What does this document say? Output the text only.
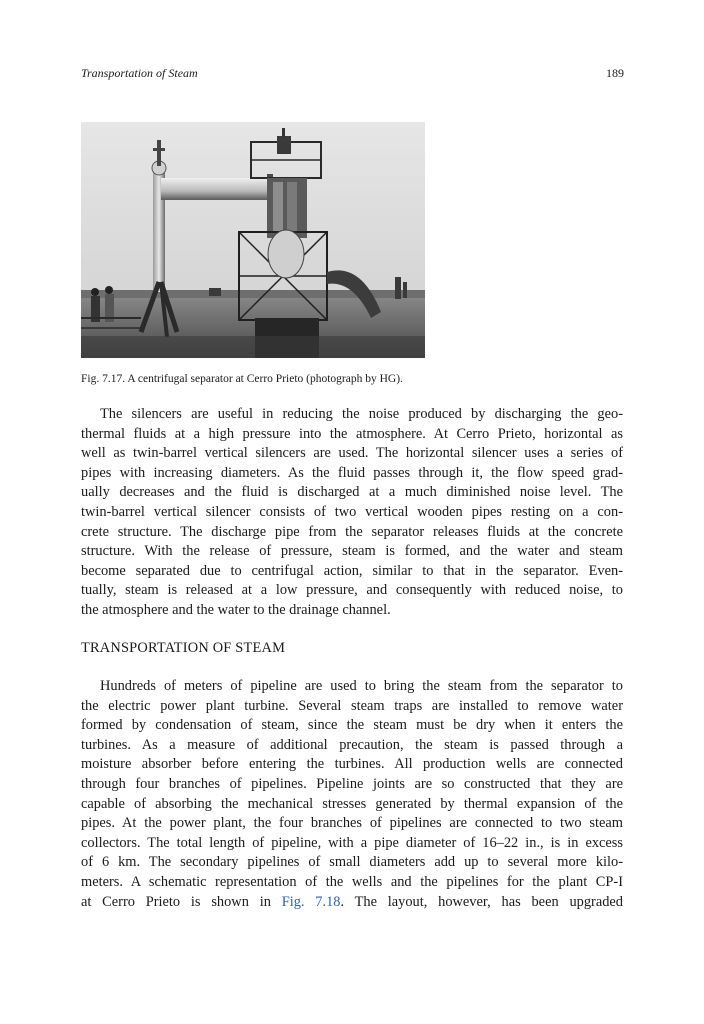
Transportation of Steam	189
Fig. 7.17. A centrifugal separator at Cerro Prieto (photograph by HG).
The silencers are useful in reducing the noise produced by discharging the geo-
thermal fluids at a high pressure into the atmosphere. At Cerro Prieto, horizontal as
well as twin-barrel vertical silencers are used. The horizontal silencer uses a series of
pipes with increasing diameters. As the fluid passes through it, the flow speed grad-
ually decreases and the fluid is discharged at a much diminished noise level. The
twin-barrel vertical silencer consists of two vertical wooden pipes resting on a con-
crete structure. The discharge pipe from the separator releases fluids at the concrete
structure. With the release of pressure, steam is formed, and the water and steam
become separated due to centrifugal action, similar to that in the separator. Even-
tually, steam is released at a low pressure, and consequently with reduced noise, to
the atmosphere and the water to the drainage channel.
TRANSPORTATION OF STEAM
Hundreds of meters of pipeline are used to bring the steam from the separator to
the electric power plant turbine. Several steam traps are installed to remove water
formed by condensation of steam, since the steam must be dry when it enters the
turbines. As a measure of additional precaution, the steam is passed through a
moisture absorber before entering the turbines. All production wells are connected
through four branches of pipelines. Pipeline joints are so constructed that they are
capable of absorbing the mechanical stresses generated by thermal expansion of the
pipes. At the power plant, the four branches of pipelines are connected to two steam
collectors. The total length of pipeline, with a pipe diameter of 16–22 in., is in excess
of 6 km. The secondary pipelines of small diameters add up to several more kilo-
meters. A schematic representation of the wells and the pipelines for the plant CP-I
at Cerro Prieto is shown in Fig. 7.18. The layout, however, has been upgraded
